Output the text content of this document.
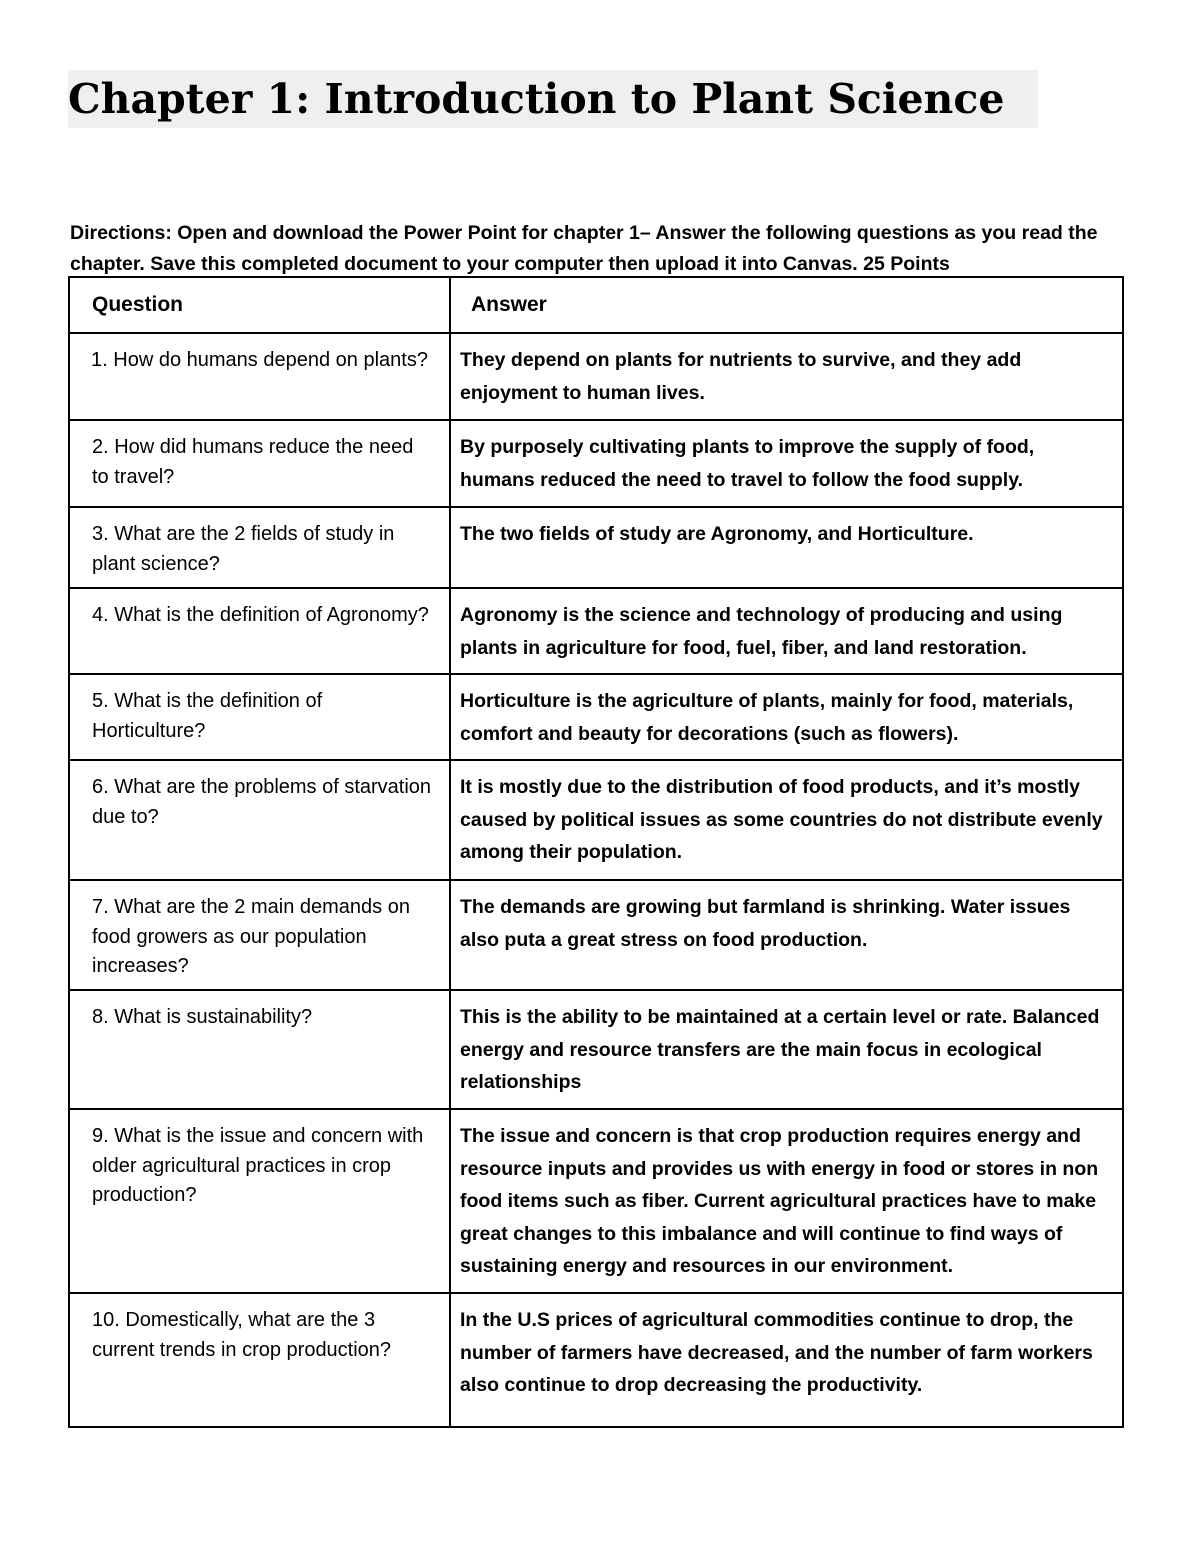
Chapter 1: Introduction to Plant Science
Directions: Open and download the Power Point for chapter 1– Answer the following questions as you read the chapter. Save this completed document to your computer then upload it into Canvas. 25 Points
Question	Answer
1. How do humans depend on plants?	They depend on plants for nutrients to survive, and they add enjoyment to human lives.
2. How did humans reduce the need to travel?	By purposely cultivating plants to improve the supply of food, humans reduced the need to travel to follow the food supply.
3. What are the 2 fields of study in plant science?	The two fields of study are Agronomy, and Horticulture.
4. What is the definition of Agronomy?	Agronomy is the science and technology of producing and using plants in agriculture for food, fuel, fiber, and land restoration.
5. What is the definition of Horticulture?	Horticulture is the agriculture of plants, mainly for food, materials, comfort and beauty for decorations (such as flowers).
6. What are the problems of starvation due to?	It is mostly due to the distribution of food products, and it’s mostly caused by political issues as some countries do not distribute evenly among their population.
7. What are the 2 main demands on food growers as our population increases?	The demands are growing but farmland is shrinking. Water issues also puta a great stress on food production.
8. What is sustainability?	This is the ability to be maintained at a certain level or rate. Balanced energy and resource transfers are the main focus in ecological relationships
9. What is the issue and concern with older agricultural practices in crop production?	The issue and concern is that crop production requires energy and resource inputs and provides us with energy in food or stores in non food items such as fiber. Current agricultural practices have to make great changes to this imbalance and will continue to find ways of sustaining energy and resources in our environment.
10. Domestically, what are the 3 current trends in crop production?	In the U.S prices of agricultural commodities continue to drop, the number of farmers have decreased, and the number of farm workers also continue to drop decreasing the productivity.
